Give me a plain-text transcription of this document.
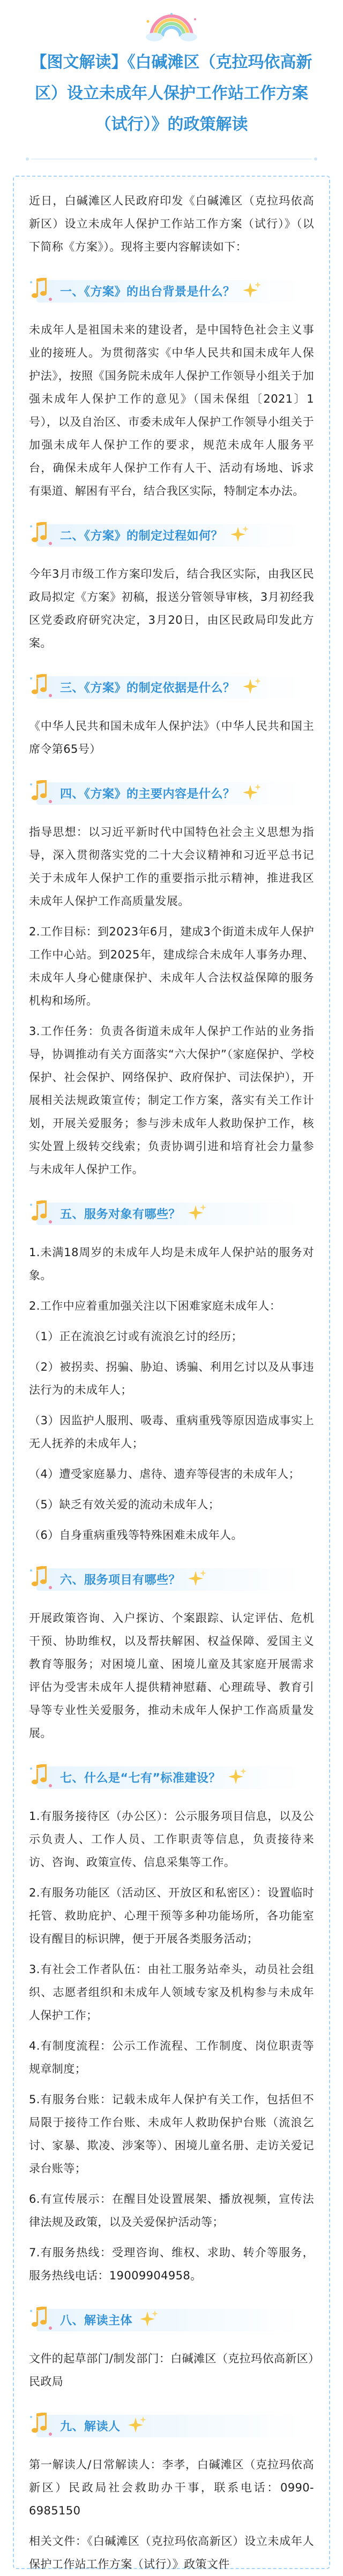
【图文解读】《白碱滩区（克拉玛依高新区）设立未成年人保护工作站工作方案（试行）》的政策解读

近日，白碱滩区人民政府印发《白碱滩区（克拉玛依高新区）设立未成年人保护工作站工作方案（试行）》（以下简称《方案》）。现将主要内容解读如下：

一、《方案》的出台背景是什么？

未成年人是祖国未来的建设者，是中国特色社会主义事业的接班人。为贯彻落实《中华人民共和国未成年人保护法》，按照《国务院未成年人保护工作领导小组关于加强未成年人保护工作的意见》（国未保组〔2021〕1号），以及自治区、市委未成年人保护工作领导小组关于加强未成年人保护工作的要求，规范未成年人服务平台，确保未成年人保护工作有人干、活动有场地、诉求有渠道、解困有平台，结合我区实际，特制定本办法。

二、《方案》的制定过程如何？

今年3月市级工作方案印发后，结合我区实际，由我区民政局拟定《方案》初稿，报送分管领导审核，3月初经我区党委政府研究决定，3月20日，由区民政局印发此方案。

三、《方案》的制定依据是什么？

《中华人民共和国未成年人保护法》（中华人民共和国主席令第65号）

四、《方案》的主要内容是什么？

指导思想：以习近平新时代中国特色社会主义思想为指导，深入贯彻落实党的二十大会议精神和习近平总书记关于未成年人保护工作的重要指示批示精神，推进我区未成年人保护工作高质量发展。

2.工作目标：到2023年6月，建成3个街道未成年人保护工作中心站。到2025年，建成综合未成年人事务办理、未成年人身心健康保护、未成年人合法权益保障的服务机构和场所。

3.工作任务：负责各街道未成年人保护工作站的业务指导，协调推动有关方面落实“六大保护”（家庭保护、学校保护、社会保护、网络保护、政府保护、司法保护），开展相关法规政策宣传；制定工作方案，落实有关工作计划，开展关爱服务；参与涉未成年人救助保护工作，核实处置上级转交线索；负责协调引进和培育社会力量参与未成年人保护工作。

五、服务对象有哪些？

1.未满18周岁的未成年人均是未成年人保护站的服务对象。

2.工作中应着重加强关注以下困难家庭未成年人：

（1）正在流浪乞讨或有流浪乞讨的经历；

（2）被拐卖、拐骗、胁迫、诱骗、利用乞讨以及从事违法行为的未成年人；

（3）因监护人服刑、吸毒、重病重残等原因造成事实上无人抚养的未成年人；

（4）遭受家庭暴力、虐待、遗弃等侵害的未成年人；

（5）缺乏有效关爱的流动未成年人；

（6）自身重病重残等特殊困难未成年人。

六、服务项目有哪些？

开展政策咨询、入户探访、个案跟踪、认定评估、危机干预、协助维权，以及帮扶解困、权益保障、爱国主义教育等服务；对困境儿童、困境儿童及其家庭开展需求评估为受害未成年人提供精神慰藉、心理疏导、教育引导等专业性关爱服务，推动未成年人保护工作高质量发展。

七、什么是“七有”标准建设？

1.有服务接待区（办公区）：公示服务项目信息，以及公示负责人、工作人员、工作职责等信息，负责接待来访、咨询、政策宣传、信息采集等工作。

2.有服务功能区（活动区、开放区和私密区）：设置临时托管、救助庇护、心理干预等多种功能场所，各功能室设有醒目的标识牌，便于开展各类服务活动；

3.有社会工作者队伍：由社工服务站牵头，动员社会组织、志愿者组织和未成年人领域专家及机构参与未成年人保护工作；

4.有制度流程：公示工作流程、工作制度、岗位职责等规章制度；

5.有服务台账：记载未成年人保护有关工作，包括但不局限于接待工作台账、未成年人救助保护台账（流浪乞讨、家暴、欺凌、涉案等）、困境儿童名册、走访关爱记录台账等；

6.有宣传展示：在醒目处设置展架、播放视频，宣传法律法规及政策，以及关爱保护活动等；

7.有服务热线：受理咨询、维权、求助、转介等服务，服务热线电话：19009904958。

八、解读主体

文件的起草部门/制发部门：白碱滩区（克拉玛依高新区）民政局

九、解读人

第一解读人/日常解读人：李孝，白碱滩区（克拉玛依高新区）民政局社会救助办干事，联系电话：0990-6985150

相关文件：《白碱滩区（克拉玛依高新区）设立未成年人保护工作站工作方案（试行）》政策文件
